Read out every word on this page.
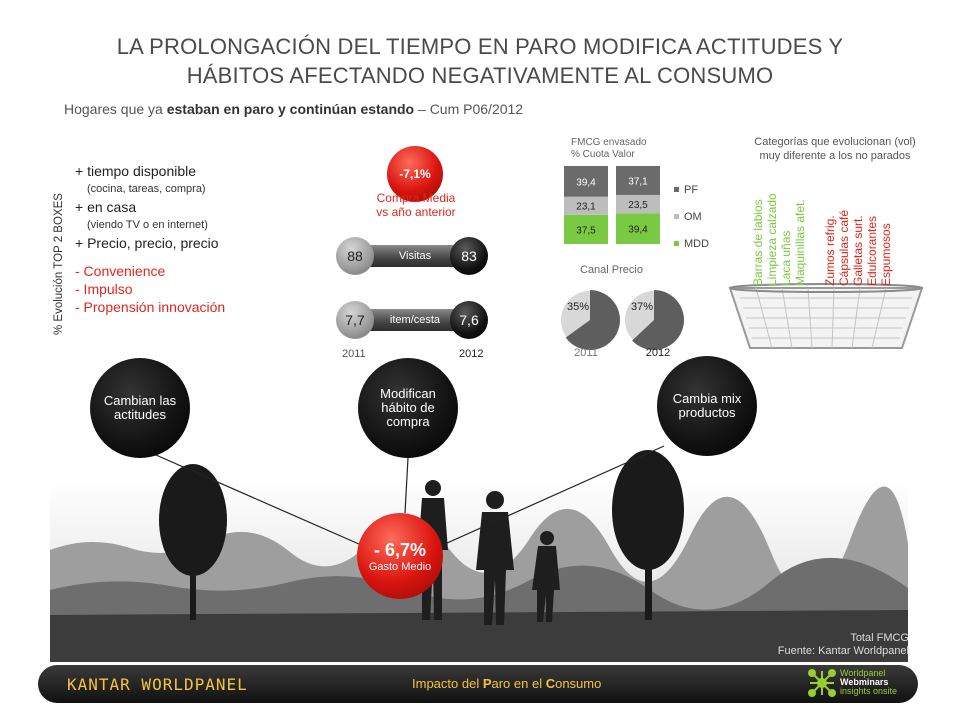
LA PROLONGACIÓN DEL TIEMPO EN PARO MODIFICA ACTITUDES Y
HÁBITOS AFECTANDO NEGATIVAMENTE AL CONSUMO
Hogares que ya estaban en paro y continúan estando – Cum P06/2012
% Evolución TOP 2 BOXES
+ tiempo disponible
(cocina, tareas, compra)
+ en casa
(viendo TV o en internet)
+ Precio, precio, precio
- Convenience
- Impulso
- Propensión innovación
-7,1%
Compra Media
vs año anterior
Visitas
88	83
item/cesta
7,7	7,6
2011	2012
FMCG envasado
% Cuota Valor
37,5
23,1
39,4
39,4
23,5
37,1
PF
OM
MDD
Canal Precio
35%
2011
37%
2012
Categorías que evolucionan (vol)
muy diferente a los no parados
Barras de labios Limpieza calzado Laca uñas Maquinillas afet. Zumos refrig. Cápsulas café Galletas surt. Edulcorantes Espumosos
Cambian las actitudes
Modifican hábito de compra
Cambia mix productos
- 6,7%
Gasto Medio
Total FMCG
Fuente: Kantar Worldpanel
KANTAR WORLDPANEL	Impacto del Paro en el Consumo
Worldpanel
Webminars
insights onsite
